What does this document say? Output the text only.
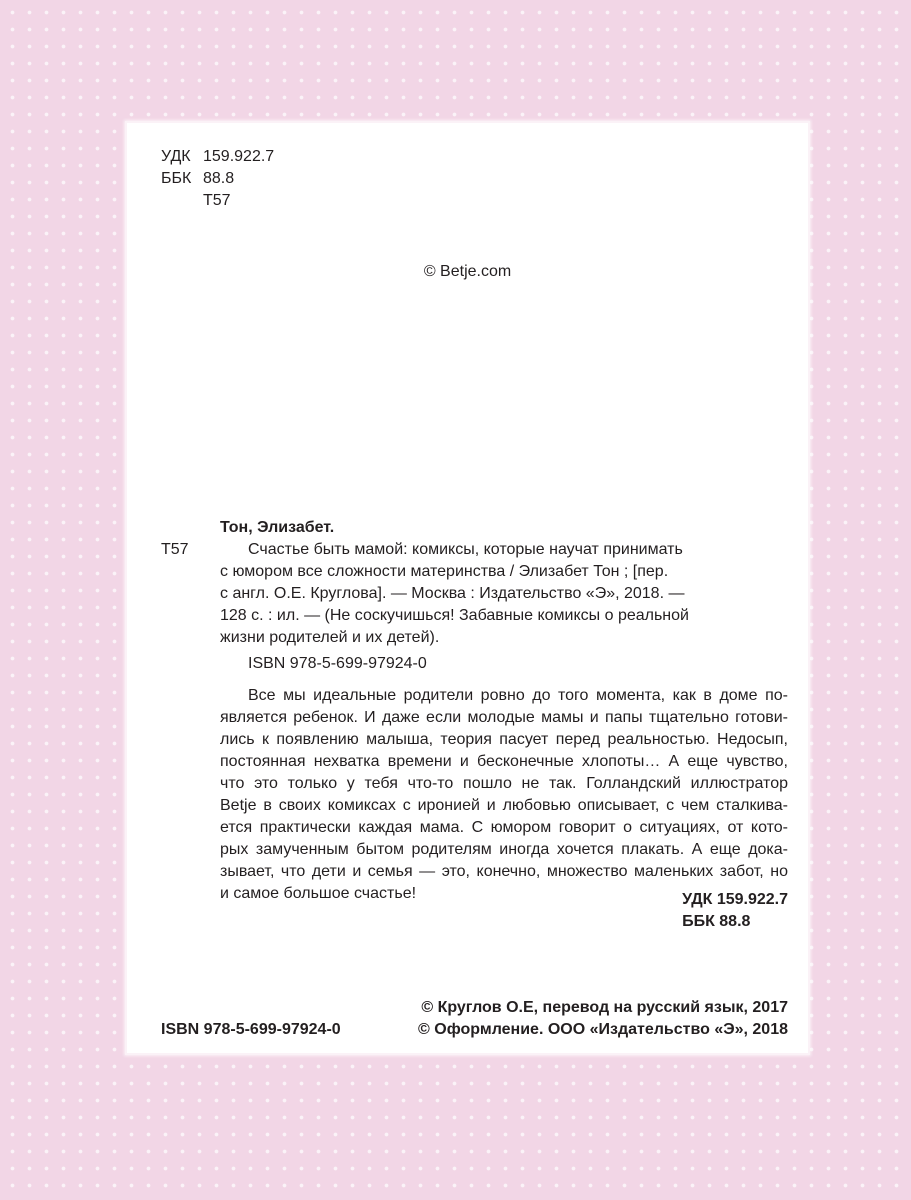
УДК 159.922.7
ББК 88.8
Т57

© Betje.com

Тон, Элизабет.

Т57	Счастье быть мамой: комиксы, которые научат принимать
с юмором все сложности материнства / Элизабет Тон ; [пер.
с англ. О.Е. Круглова]. — Москва : Издательство «Э», 2018. —
128 с. : ил. — (Не соскучишься! Забавные комиксы о реальной
жизни родителей и их детей).

ISBN 978-5-699-97924-0

Все мы идеальные родители ровно до того момента, как в доме по-
является ребенок. И даже если молодые мамы и папы тщательно готови-
лись к появлению малыша, теория пасует перед реальностью. Недосып,
постоянная нехватка времени и бесконечные хлопоты… А еще чувство,
что это только у тебя что-то пошло не так. Голландский иллюстратор
Betje в своих комиксах с иронией и любовью описывает, с чем сталкива-
ется практически каждая мама. С юмором говорит о ситуациях, от кото-
рых замученным бытом родителям иногда хочется плакать. А еще дока-
зывает, что дети и семья — это, конечно, множество маленьких забот, но
и самое большое счастье!	УДК 159.922.7
ББК 88.8

ISBN 978-5-699-97924-0

© Круглов О.Е, перевод на русский язык, 2017
© Оформление. ООО «Издательство «Э», 2018
